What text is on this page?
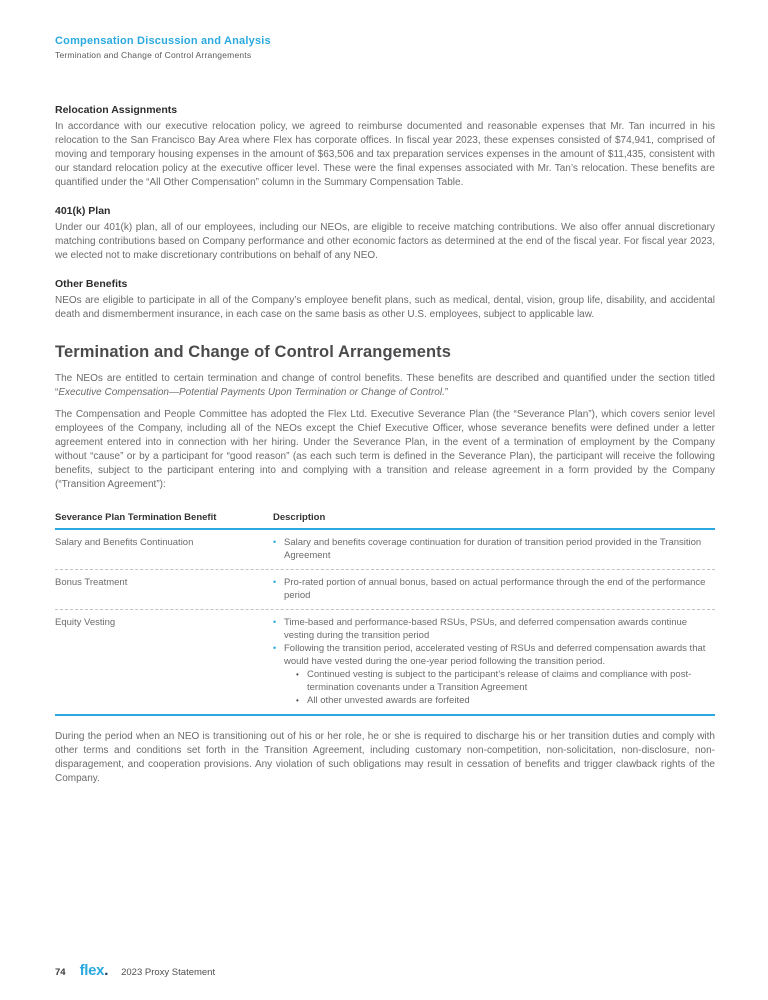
Compensation Discussion and Analysis
Termination and Change of Control Arrangements
Relocation Assignments

In accordance with our executive relocation policy, we agreed to reimburse documented and reasonable expenses that Mr. Tan incurred in his relocation to the San Francisco Bay Area where Flex has corporate offices. In fiscal year 2023, these expenses consisted of $74,941, comprised of moving and temporary housing expenses in the amount of $63,506 and tax preparation services expenses in the amount of $11,435, consistent with our standard relocation policy at the executive officer level. These were the final expenses associated with Mr. Tan’s relocation. These benefits are quantified under the “All Other Compensation” column in the Summary Compensation Table.

401(k) Plan

Under our 401(k) plan, all of our employees, including our NEOs, are eligible to receive matching contributions. We also offer annual discretionary matching contributions based on Company performance and other economic factors as determined at the end of the fiscal year. For fiscal year 2023, we elected not to make discretionary contributions on behalf of any NEO.

Other Benefits

NEOs are eligible to participate in all of the Company’s employee benefit plans, such as medical, dental, vision, group life, disability, and accidental death and dismemberment insurance, in each case on the same basis as other U.S. employees, subject to applicable law.

Termination and Change of Control Arrangements

The NEOs are entitled to certain termination and change of control benefits. These benefits are described and quantified under the section titled “Executive Compensation—Potential Payments Upon Termination or Change of Control.”

The Compensation and People Committee has adopted the Flex Ltd. Executive Severance Plan (the “Severance Plan”), which covers senior level employees of the Company, including all of the NEOs except the Chief Executive Officer, whose severance benefits were defined under a letter agreement entered into in connection with her hiring. Under the Severance Plan, in the event of a termination of employment by the Company without “cause” or by a participant for “good reason” (as each such term is defined in the Severance Plan), the participant will receive the following benefits, subject to the participant entering into and complying with a transition and release agreement in a form provided by the Company (“Transition Agreement”):

Severance Plan Termination Benefit	Description
Salary and Benefits Continuation	• Salary and benefits coverage continuation for duration of transition period provided in the Transition Agreement
Bonus Treatment	• Pro-rated portion of annual bonus, based on actual performance through the end of the performance period
Equity Vesting	• Time-based and performance-based RSUs, PSUs, and deferred compensation awards continue vesting during the transition period
• Following the transition period, accelerated vesting of RSUs and deferred compensation awards that would have vested during the one-year period following the transition period.
• Continued vesting is subject to the participant’s release of claims and compliance with post-termination covenants under a Transition Agreement
• All other unvested awards are forfeited

During the period when an NEO is transitioning out of his or her role, he or she is required to discharge his or her transition duties and comply with other terms and conditions set forth in the Transition Agreement, including customary non-competition, non-solicitation, non-disclosure, non-disparagement, and cooperation provisions. Any violation of such obligations may result in cessation of benefits and trigger clawback rights of the Company.

74 flex. 2023 Proxy Statement
